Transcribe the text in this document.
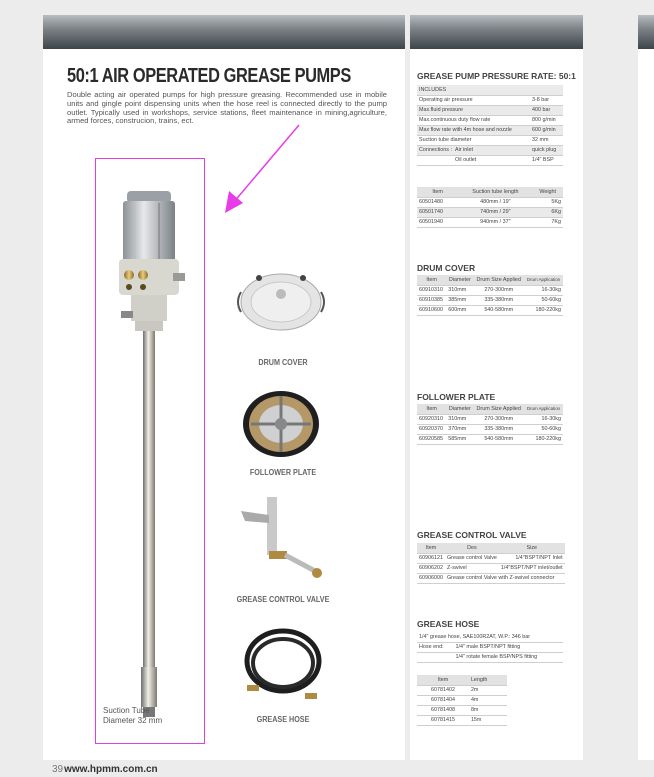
50:1 AIR OPERATED GREASE PUMPS
Double acting air operated pumps for high pressure greasing. Recommended use in mobile units and gingle point dispensing units when the hose reel is connected directly to the pump outlet. Typically used in workshops, service stations, fleet maintenance in mining,agriculture, armed forces, construcion, trains, ect.
Suction Tube
Diameter 32 mm
DRUM COVER
FOLLOWER PLATE
GREASE CONTROL VALVE
GREASE HOSE
GREASE PUMP PRESSURE RATE: 50:1
INCLUDES	
Operating air pressure	3-8 bar
Max.fluid pressure	400 bar
Max.continuous duty flow rate	800 g/min
Max flow rate with 4m hose and nozzle	600 g/min
Suction tube diameter	32 mm
Connections : Air inlet	quick plug
Oil outlet	1/4" BSP
Item	Suction tube length	Weight
60501480	480mm / 19"	5Kg
60501740	740mm / 29"	6Kg
60501940	940mm / 37"	7Kg
DRUM COVER
Item	Diameter	Drum Size Applied	Drum Application
60910310	310mm	270-300mm	16-30kg
60910385	385mm	335-380mm	50-60kg
60910600	600mm	540-580mm	180-220kg
FOLLOWER PLATE
Item	Diameter	Drum Size Applied	Drum Application
60920310	310mm	270-300mm	16-30kg
60920370	370mm	335-380mm	50-60kg
60920585	585mm	540-580mm	180-220kg
GREASE CONTROL VALVE
Item	Des	Size
60906121	Grease control Valve	1/4"BSPT/NPT Inlet
60906202	Z-swivel	1/4"BSPT/NPT inlet/outlet
60906000	Grease control Valve with Z-swivel connector	
GREASE HOSE
1/4" grease hose, SAE100R2AT, W.P.: 346 bar	
Hose end:	1/4" male BSPT/NPT fitting
	1/4" rotate female BSP/NPS fitting
Item	Length
60781402	2m
60781404	4m
60781408	8m
60781415	15m
39www.hpmm.com.cn
